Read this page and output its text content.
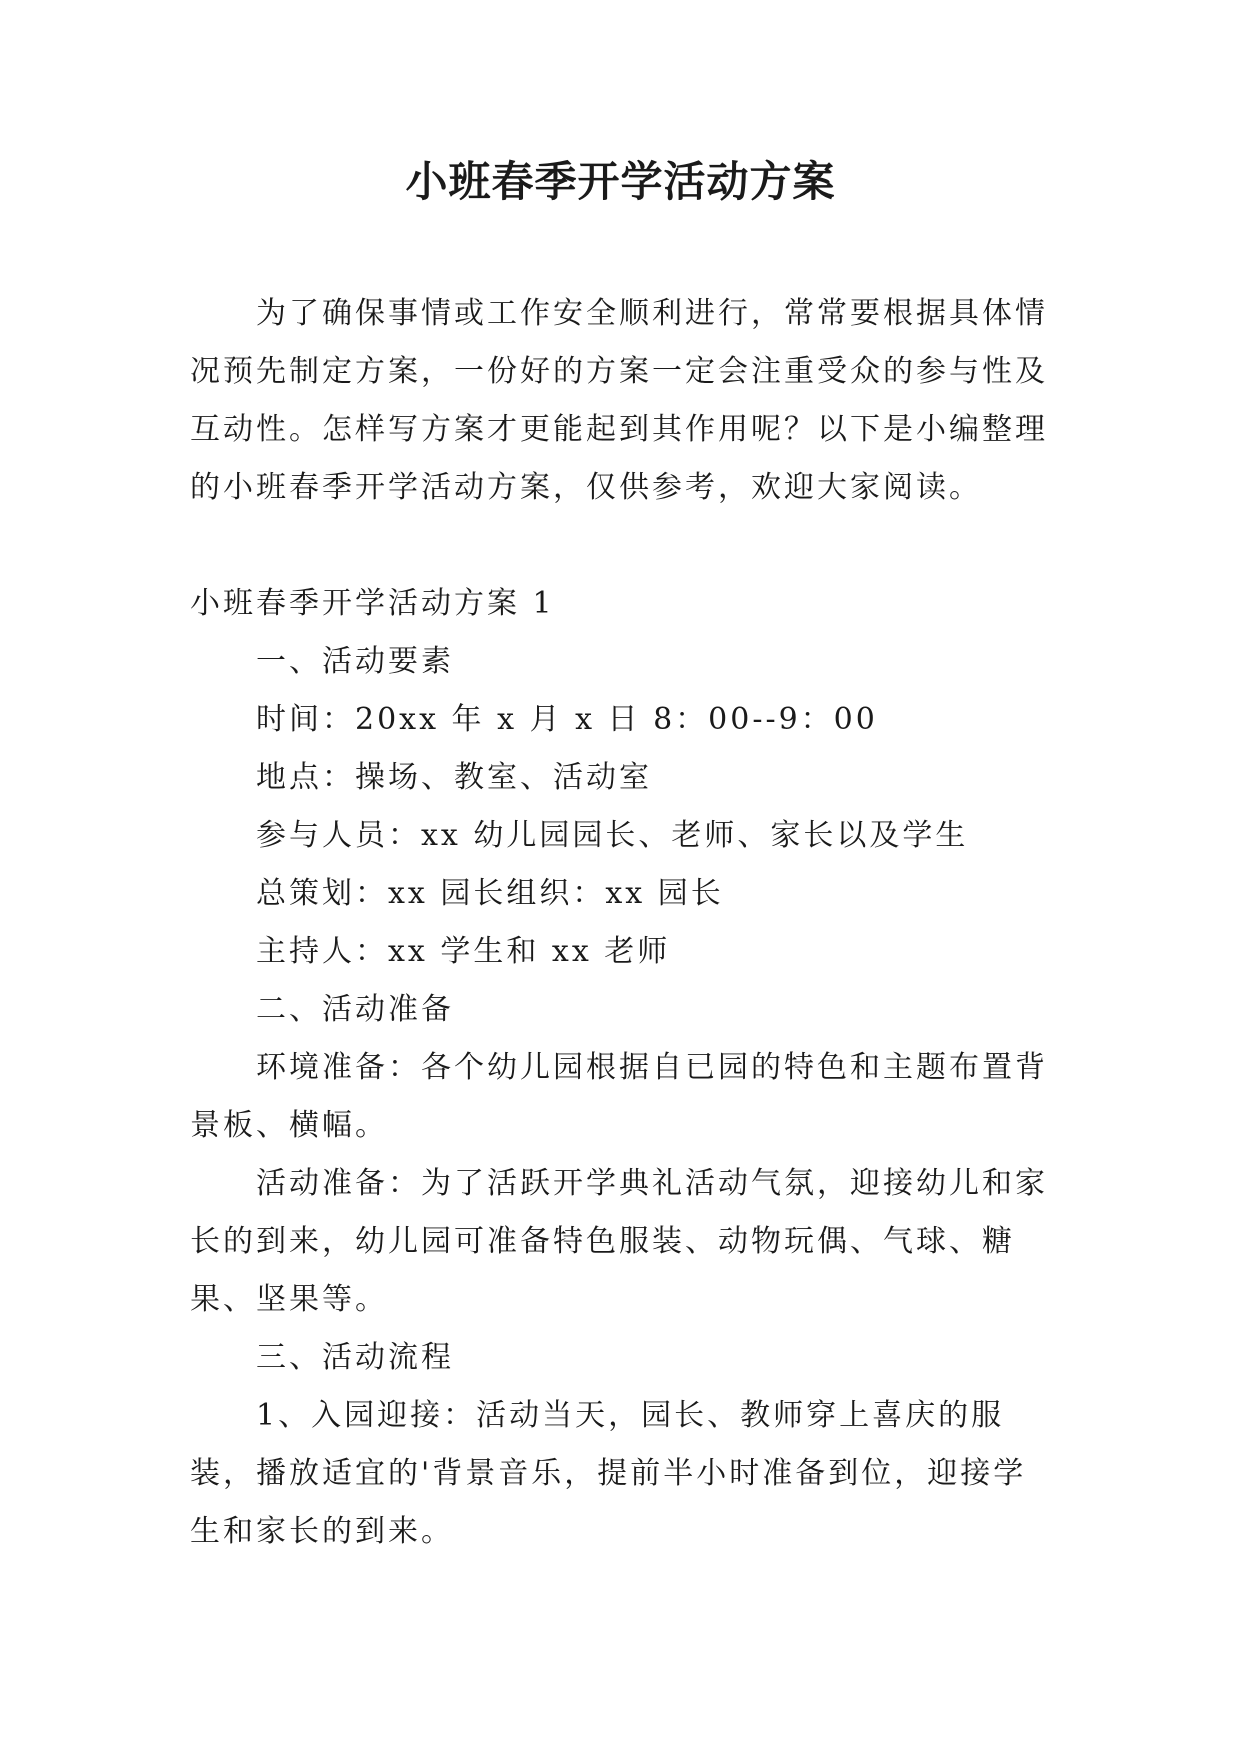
小班春季开学活动方案

为了确保事情或工作安全顺利进行，常常要根据具体情况预先制定方案，一份好的方案一定会注重受众的参与性及互动性。怎样写方案才更能起到其作用呢？以下是小编整理的小班春季开学活动方案，仅供参考，欢迎大家阅读。

小班春季开学活动方案 1

一、活动要素

时间：20xx 年 x 月 x 日 8：00--9：00

地点：操场、教室、活动室

参与人员：xx 幼儿园园长、老师、家长以及学生

总策划：xx 园长组织：xx 园长

主持人：xx 学生和 xx 老师

二、活动准备

环境准备：各个幼儿园根据自已园的特色和主题布置背景板、横幅。

活动准备：为了活跃开学典礼活动气氛，迎接幼儿和家长的到来，幼儿园可准备特色服装、动物玩偶、气球、糖果、坚果等。

三、活动流程

1、入园迎接：活动当天，园长、教师穿上喜庆的服装，播放适宜的'背景音乐，提前半小时准备到位，迎接学生和家长的到来。
